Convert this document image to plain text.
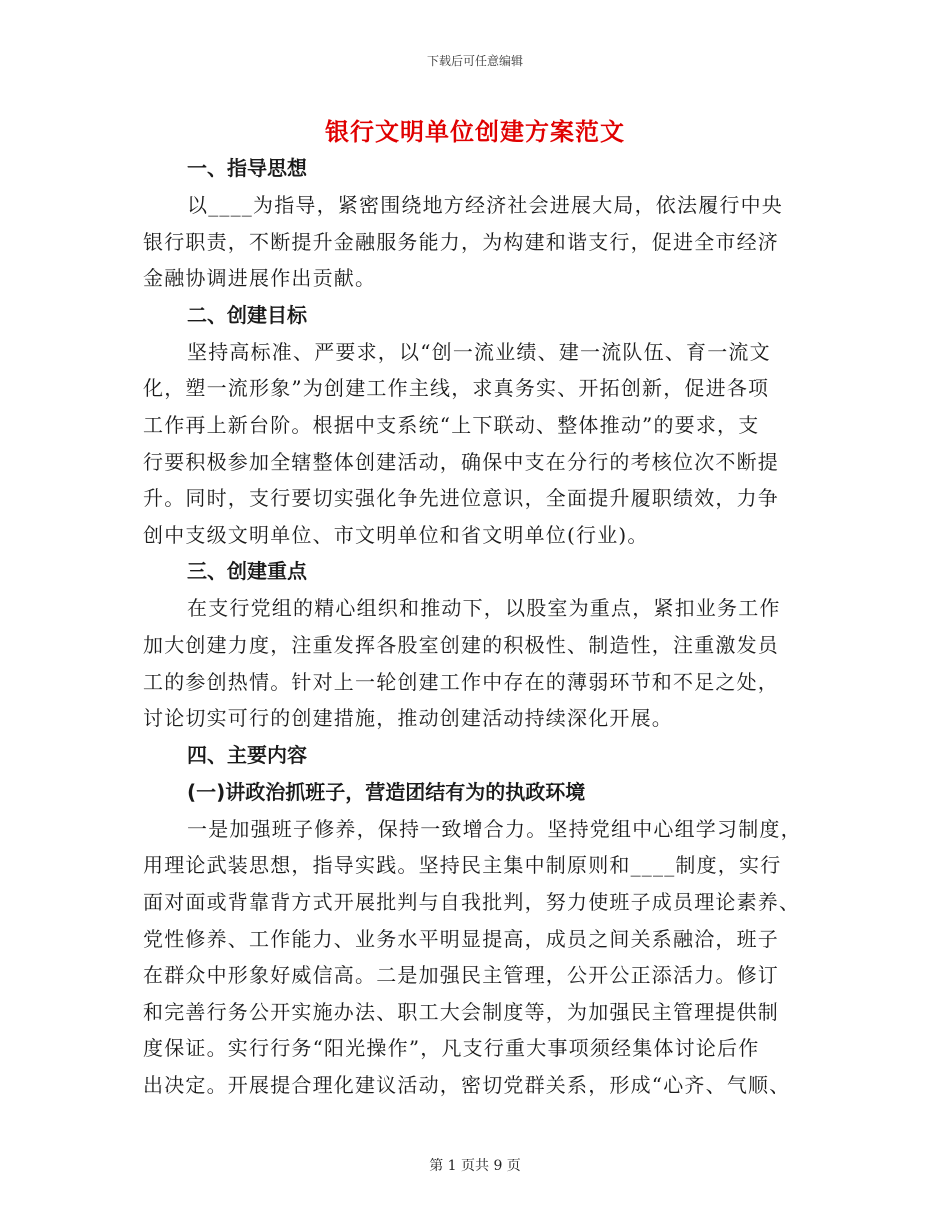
下载后可任意编辑
银行文明单位创建方案范文
一、指导思想
以____为指导，紧密围绕地方经济社会进展大局，依法履行中央
银行职责，不断提升金融服务能力，为构建和谐支行，促进全市经济
金融协调进展作出贡献。
二、创建目标
坚持高标准、严要求，以“创一流业绩、建一流队伍、育一流文
化，塑一流形象”为创建工作主线，求真务实、开拓创新，促进各项
工作再上新台阶。根据中支系统“上下联动、整体推动”的要求，支
行要积极参加全辖整体创建活动，确保中支在分行的考核位次不断提
升。同时，支行要切实强化争先进位意识，全面提升履职绩效，力争
创中支级文明单位、市文明单位和省文明单位(行业)。
三、创建重点
在支行党组的精心组织和推动下，以股室为重点，紧扣业务工作
加大创建力度，注重发挥各股室创建的积极性、制造性，注重激发员
工的参创热情。针对上一轮创建工作中存在的薄弱环节和不足之处，
讨论切实可行的创建措施，推动创建活动持续深化开展。
四、主要内容
(一)讲政治抓班子，营造团结有为的执政环境
一是加强班子修养，保持一致增合力。坚持党组中心组学习制度，
用理论武装思想，指导实践。坚持民主集中制原则和____制度，实行
面对面或背靠背方式开展批判与自我批判，努力使班子成员理论素养、
党性修养、工作能力、业务水平明显提高，成员之间关系融洽，班子
在群众中形象好威信高。二是加强民主管理，公开公正添活力。修订
和完善行务公开实施办法、职工大会制度等，为加强民主管理提供制
度保证。实行行务“阳光操作”，凡支行重大事项须经集体讨论后作
出决定。开展提合理化建议活动，密切党群关系，形成“心齐、气顺、
第 1 页共 9 页
